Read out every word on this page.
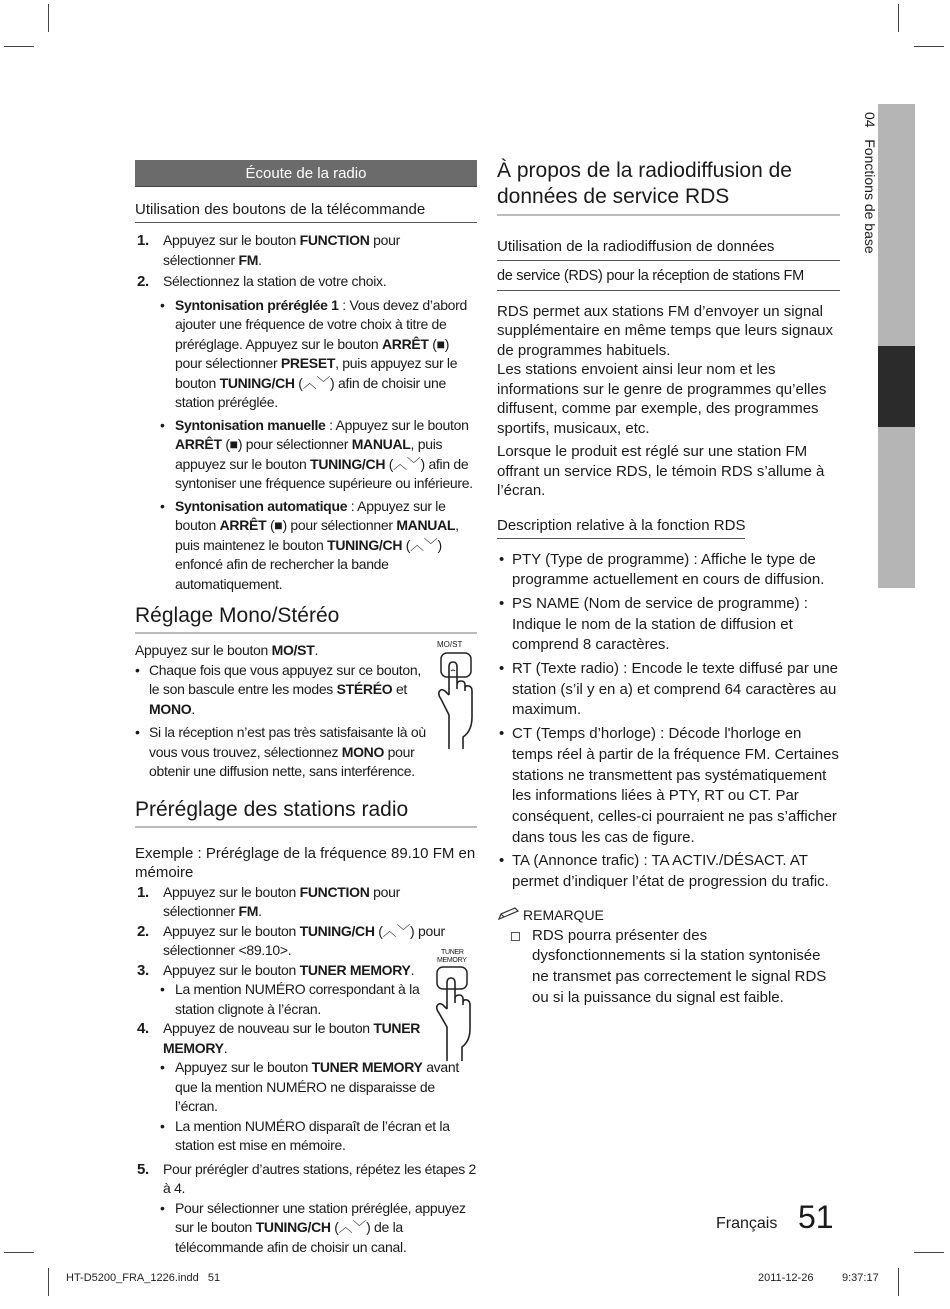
04   Fonctions de base
Écoute de la radio
Utilisation des boutons de la télécommande
1. Appuyez sur le bouton FUNCTION pour
sélectionner FM.
2. Sélectionnez la station de votre choix.
• Syntonisation préréglée 1 : Vous devez d’abord ajouter une fréquence de votre choix à titre de préréglage. Appuyez sur le bouton ARRÊT (■) pour sélectionner PRESET, puis appuyez sur le bouton TUNING/CH (︿﹀) afin de choisir une station préréglée.
• Syntonisation manuelle : Appuyez sur le bouton ARRÊT (■) pour sélectionner MANUAL, puis appuyez sur le bouton TUNING/CH (︿﹀) afin de syntoniser une fréquence supérieure ou inférieure.
• Syntonisation automatique : Appuyez sur le bouton ARRÊT (■) pour sélectionner MANUAL, puis maintenez le bouton TUNING/CH (︿﹀) enfoncé afin de rechercher la bande automatiquement.
Réglage Mono/Stéréo
Appuyez sur le bouton MO/ST.
• Chaque fois que vous appuyez sur ce bouton, le son bascule entre les modes STÉRÉO et MONO.
• Si la réception n’est pas très satisfaisante là où vous vous trouvez, sélectionnez MONO pour obtenir une diffusion nette, sans interférence.
MO/ST
Préréglage des stations radio
Exemple : Préréglage de la fréquence 89.10 FM en mémoire
1. Appuyez sur le bouton FUNCTION pour
sélectionner FM.
2. Appuyez sur le bouton TUNING/CH (︿﹀) pour
sélectionner <89.10>.
3. Appuyez sur le bouton TUNER MEMORY.
• La mention NUMÉRO correspondant à la station clignote à l’écran.
4. Appuyez de nouveau sur le bouton TUNER MEMORY.
• Appuyez sur le bouton TUNER MEMORY avant que la mention NUMÉRO ne disparaisse de l’écran.
• La mention NUMÉRO disparaît de l’écran et la station est mise en mémoire.
5. Pour prérégler d’autres stations, répétez les étapes 2 à 4.
• Pour sélectionner une station préréglée, appuyez sur le bouton TUNING/CH (︿﹀) de la télécommande afin de choisir un canal.
TUNER
MEMORY
À propos de la radiodiffusion de données de service RDS
Utilisation de la radiodiffusion de données
de service (RDS) pour la réception de stations FM
RDS permet aux stations FM d’envoyer un signal supplémentaire en même temps que leurs signaux de programmes habituels.
Les stations envoient ainsi leur nom et les informations sur le genre de programmes qu’elles diffusent, comme par exemple, des programmes sportifs, musicaux, etc.
Lorsque le produit est réglé sur une station FM offrant un service RDS, le témoin RDS s’allume à l’écran.
Description relative à la fonction RDS
• PTY (Type de programme) : Affiche le type de programme actuellement en cours de diffusion.
• PS NAME (Nom de service de programme) : Indique le nom de la station de diffusion et comprend 8 caractères.
• RT (Texte radio) : Encode le texte diffusé par une station (s’il y en a) et comprend 64 caractères au maximum.
• CT (Temps d’horloge) : Décode l'horloge en temps réel à partir de la fréquence FM. Certaines stations ne transmettent pas systématiquement les informations liées à PTY, RT ou CT. Par conséquent, celles-ci pourraient ne pas s’afficher dans tous les cas de figure.
• TA (Annonce trafic) : TA ACTIV./DÉSACT. AT permet d’indiquer l’état de progression du trafic.
REMARQUE
RDS pourra présenter des dysfonctionnements si la station syntonisée ne transmet pas correctement le signal RDS ou si la puissance du signal est faible.
Français 51
HT-D5200_FRA_1226.indd   51	2011-12-26	9:37:17
